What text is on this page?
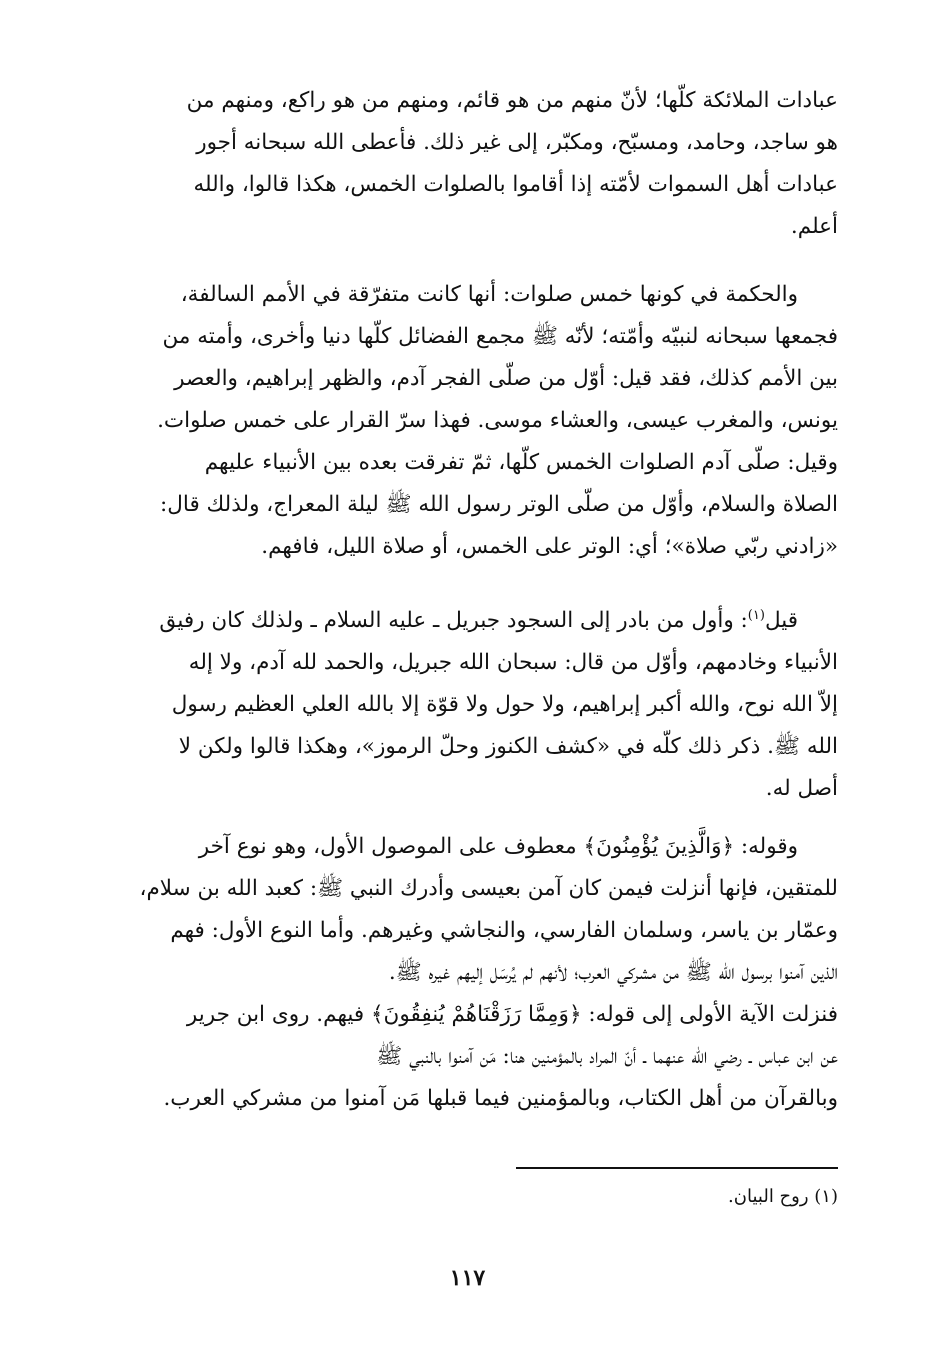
عبادات الملائكة كلّها؛ لأنّ منهم من هو قائم، ومنهم من هو راكع، ومنهم من
هو ساجد، وحامد، ومسبّح، ومكبّر، إلى غير ذلك. فأعطى الله سبحانه أجور
عبادات أهل السموات لأمّته إذا أقاموا بالصلوات الخمس، هكذا قالوا، والله
أعلم.
والحكمة في كونها خمس صلوات: أنها كانت متفرّقة في الأمم السالفة،
فجمعها سبحانه لنبيّه وأمّته؛ لأنّه ﷺ مجمع الفضائل كلّها دنيا وأخرى، وأمته من
بين الأمم كذلك، فقد قيل: أوّل من صلّى الفجر آدم، والظهر إبراهيم، والعصر
يونس، والمغرب عيسى، والعشاء موسى. فهذا سرّ القرار على خمس صلوات.
وقيل: صلّى آدم الصلوات الخمس كلّها، ثمّ تفرقت بعده بين الأنبياء عليهم
الصلاة والسلام، وأوّل من صلّى الوتر رسول الله ﷺ ليلة المعراج، ولذلك قال:
«زادني ربّي صلاة»؛ أي: الوتر على الخمس، أو صلاة الليل، فافهم.
قيل$^{(١)}$: وأول من بادر إلى السجود جبريل ـ عليه السلام ـ ولذلك كان رفيق
الأنبياء وخادمهم، وأوّل من قال: سبحان الله جبريل، والحمد لله آدم، ولا إله
إلاّ الله نوح، والله أكبر إبراهيم، ولا حول ولا قوّة إلا بالله العلي العظيم رسول
الله ﷺ. ذكر ذلك كلّه في «كشف الكنوز وحلّ الرموز»، وهكذا قالوا ولكن لا
أصل له.
وقوله: ﴿وَالَّذِينَ يُؤْمِنُونَ﴾ معطوف على الموصول الأول، وهو نوع آخر
للمتقين، فإنها أنزلت فيمن كان آمن بعيسى وأدرك النبي ﷺ: كعبد الله بن سلام،
وعمّار بن ياسر، وسلمان الفارسي، والنجاشي وغيرهم. وأما النوع الأول: فهم
الذين آمنوا برسول الله ﷺ من مشركي العرب؛ لأنهم لم يُرسَل إليهم غيره ﷺ.
فنزلت الآية الأولى إلى قوله: ﴿وَمِمَّا رَزَقْنَاهُمْ يُنفِقُونَ﴾ فيهم. روى ابن جرير
عن ابن عباس ـ رضي الله عنهما ـ أنّ المراد بالمؤمنين هنا: مَن آمنوا بالنبي ﷺ
وبالقرآن من أهل الكتاب، وبالمؤمنين فيما قبلها مَن آمنوا من مشركي العرب.
(١) روح البيان.
١١٧
